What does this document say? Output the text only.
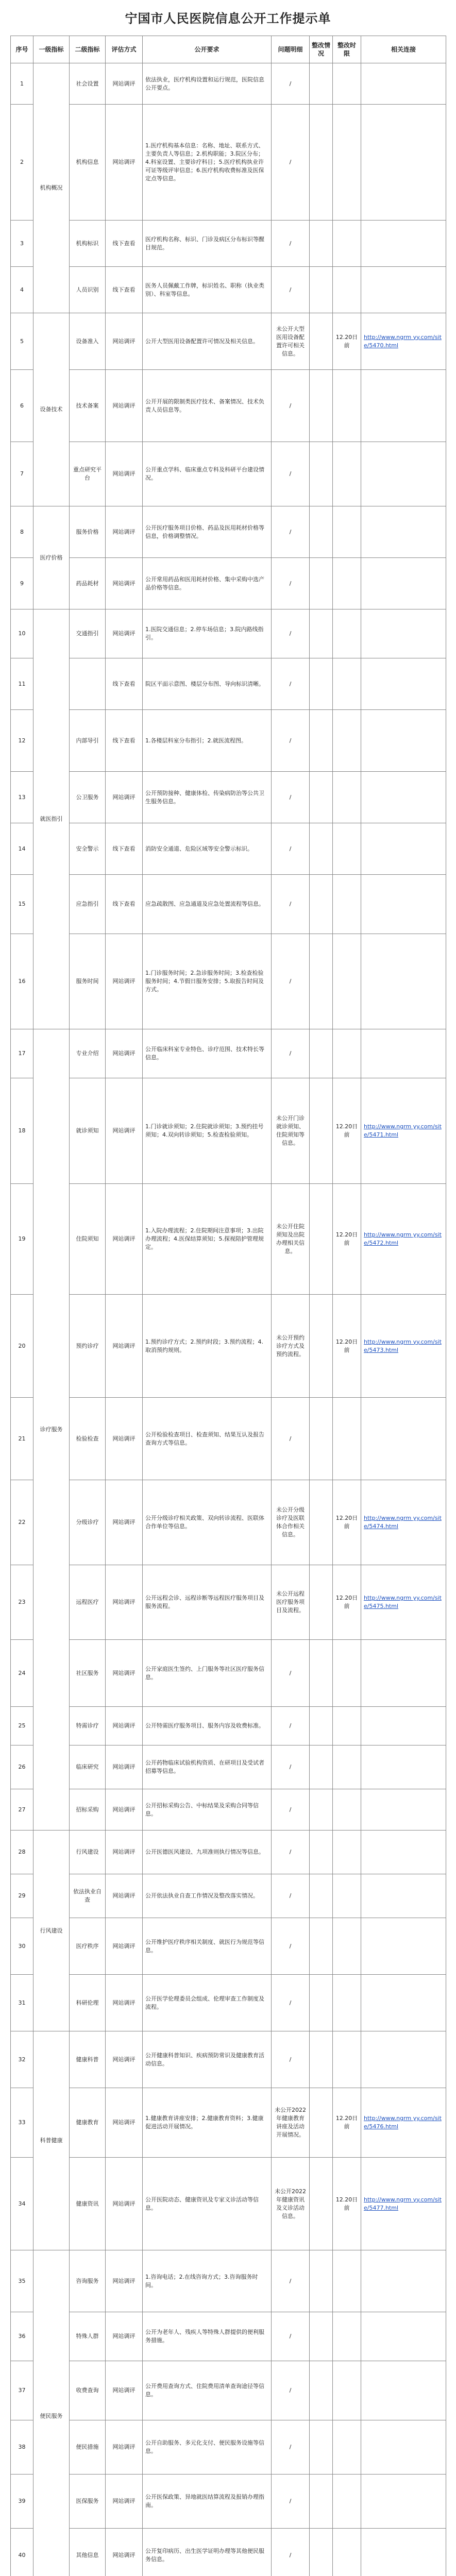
宁国市人民医院信息公开工作提示单
序号	一级指标	二级指标	评估方式	公开要求	问题明细	整改情况	整改时限	相关连接
1	机构概况	社会设置	网站调评	依法执业，医疗机构设置和运行规范，医院信息公开要点。	/			
2		机构信息	网站调评	1.医疗机构基本信息：名称、地址、联系方式、主要负责人等信息；2.机构职能；3.院区分布；4.科室设置、主要诊疗科目；5.医疗机构执业许可证等级评审信息；6.医疗机构收费标准及医保定点等信息。	/			
3		机构标识	线下查看	医疗机构名称、标识、门诊及病区分布标识等醒目规范。	/			
4		人员识别	线下查看	医务人员佩戴工作牌，标识姓名、职称（执业类别）、科室等信息。	/			
5	设备技术	设备准入	网站调评	公开大型医用设备配置许可情况及相关信息。	未公开大型医用设备配置许可相关信息。		12.20日前	http://www.ngrm yy.com/site/5470.html
6		技术备案	网站调评	公开开展的限制类医疗技术、备案情况、技术负责人员信息等。	/			
7		重点研究平台	网站调评	公开重点学科、临床重点专科及科研平台建设情况。	/			
8	医疗价格	服务价格	网站调评	公开医疗服务项目价格、药品及医用耗材价格等信息，价格调整情况。	/			
9		药品耗材	网站调评	公开常用药品和医用耗材价格、集中采购中选产品价格等信息。	/			
10	就医指引	交通指引	网站调评	1.医院交通信息；2.停车场信息；3.院内路线指引。	/			
11			线下查看	院区平面示意图、楼层分布图、导向标识清晰。	/			
12		内部导引	线下查看	1.各楼层科室分布指引；2.就医流程图。	/			
13		公卫服务	网站调评	公开预防接种、健康体检、传染病防治等公共卫生服务信息。	/			
14		安全警示	线下查看	消防安全通道、危险区域等安全警示标识。	/			
15		应急指引	线下查看	应急疏散图、应急通道及应急处置流程等信息。	/			
16		服务时间	网站调评	1.门诊服务时间；2.急诊服务时间；3.检查检验服务时间；4.节假日服务安排；5.取报告时间及方式。	/			
17	诊疗服务	专业介绍	网站调评	公开临床科室专业特色、诊疗范围、技术特长等信息。	/			
18		就诊须知	网站调评	1.门诊就诊须知；2.住院就诊须知；3.预约挂号须知；4.双向转诊须知；5.检查检验须知。	未公开门诊就诊须知、住院须知等信息。		12.20日前	http://www.ngrm yy.com/site/5471.html
19		住院须知	网站调评	1.入院办理流程；2.住院期间注意事项；3.出院办理流程；4.医保结算须知；5.探视陪护管理规定。	未公开住院须知及出院办理相关信息。		12.20日前	http://www.ngrm yy.com/site/5472.html
20		预约诊疗	网站调评	1.预约诊疗方式；2.预约时段；3.预约流程；4.取消预约规则。	未公开预约诊疗方式及预约流程。		12.20日前	http://www.ngrm yy.com/site/5473.html
21		检验检查	网站调评	公开检验检查项目、检查须知、结果互认及报告查询方式等信息。	/			
22		分级诊疗	网站调评	公开分级诊疗相关政策、双向转诊流程、医联体合作单位等信息。	未公开分级诊疗及医联体合作相关信息。		12.20日前	http://www.ngrm yy.com/site/5474.html
23		远程医疗	网站调评	公开远程会诊、远程诊断等远程医疗服务项目及服务流程。	未公开远程医疗服务项目及流程。		12.20日前	http://www.ngrm yy.com/site/5475.html
24		社区服务	网站调评	公开家庭医生签约、上门服务等社区医疗服务信息。	/			
25		特需诊疗	网站调评	公开特需医疗服务项目、服务内容及收费标准。	/			
26		临床研究	网站调评	公开药物临床试验机构资质、在研项目及受试者招募等信息。	/			
27		招标采购	网站调评	公开招标采购公告、中标结果及采购合同等信息。	/			
28	行风建设	行风建设	网站调评	公开医德医风建设、九项准则执行情况等信息。	/			
29		依法执业自查	网站调评	公开依法执业自查工作情况及整改落实情况。	/			
30		医疗秩序	网站调评	公开维护医疗秩序相关制度、就医行为规范等信息。	/			
31		科研伦理	网站调评	公开医学伦理委员会组成、伦理审查工作制度及流程。	/			
32	科普健康	健康科普	网站调评	公开健康科普知识、疾病预防常识及健康教育活动信息。	/			
33		健康教育	网站调评	1.健康教育讲座安排；2.健康教育资料；3.健康促进活动开展情况。	未公开2022年健康教育讲座及活动开展情况。		12.20日前	http://www.ngrm yy.com/site/5476.html
34		健康资讯	网站调评	公开医院动态、健康资讯及专家义诊活动等信息。	未公开2022年健康资讯及义诊活动信息。		12.20日前	http://www.ngrm yy.com/site/5477.html
35	便民服务	咨询服务	网站调评	1.咨询电话；2.在线咨询方式；3.咨询服务时间。	/			
36		特殊人群	网站调评	公开为老年人、残疾人等特殊人群提供的便利服务措施。	/			
37		收费查询	网站调评	公开费用查询方式、住院费用清单查询途径等信息。	/			
38		便民措施	网站调评	公开自助服务、多元化支付、便民服务设施等信息。	/			
39		医保服务	网站调评	公开医保政策、异地就医结算流程及报销办理指南。	/			
40		其他信息	网站调评	公开复印病历、出生医学证明办理等其他便民服务信息。	/			
